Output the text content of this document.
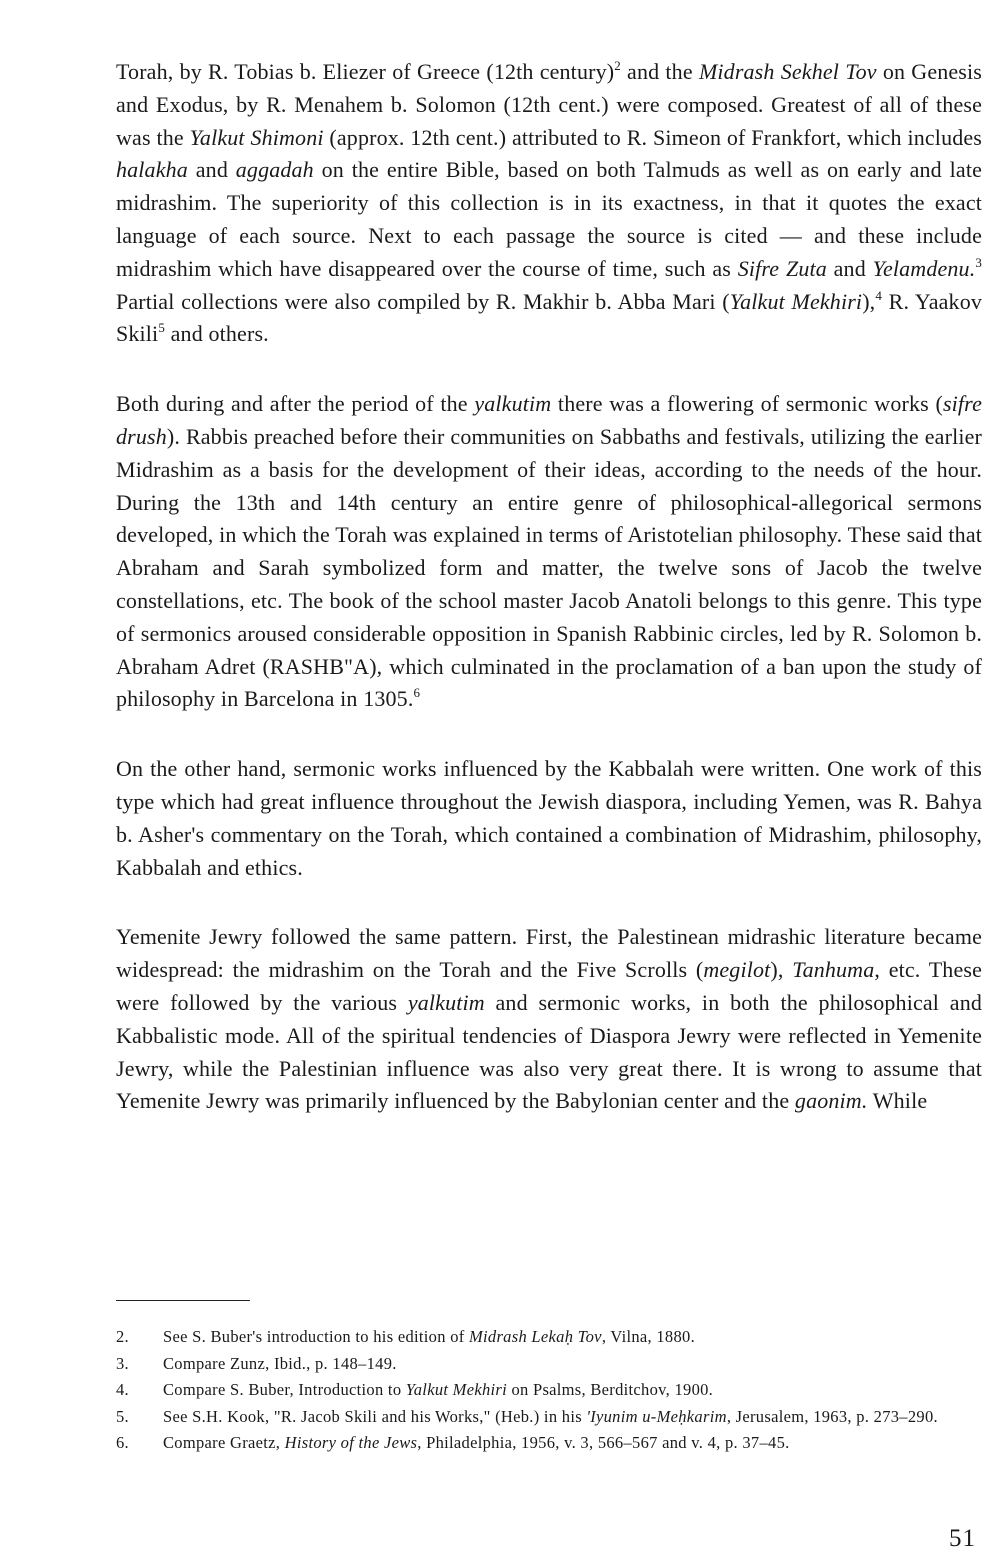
Torah, by R. Tobias b. Eliezer of Greece (12th century)$^2$ and the Midrash Sekhel Tov on Genesis and Exodus, by R. Menahem b. Solomon (12th cent.) were composed. Greatest of all of these was the Yalkut Shimoni (approx. 12th cent.) attributed to R. Simeon of Frankfort, which includes halakha and aggadah on the entire Bible, based on both Talmuds as well as on early and late midrashim. The superiority of this collection is in its exactness, in that it quotes the exact language of each source. Next to each passage the source is cited — and these include midrashim which have disappeared over the course of time, such as Sifre Zuta and Yelamdenu.$^3$ Partial collections were also compiled by R. Makhir b. Abba Mari (Yalkut Mekhiri),$^4$ R. Yaakov Skili$^5$ and others.

Both during and after the period of the yalkutim there was a flowering of sermonic works (sifre drush). Rabbis preached before their communities on Sabbaths and festivals, utilizing the earlier Midrashim as a basis for the development of their ideas, according to the needs of the hour. During the 13th and 14th century an entire genre of philosophical-allegorical sermons developed, in which the Torah was explained in terms of Aristotelian philosophy. These said that Abraham and Sarah symbolized form and matter, the twelve sons of Jacob the twelve constellations, etc. The book of the school master Jacob Anatoli belongs to this genre. This type of sermonics aroused considerable opposition in Spanish Rabbinic circles, led by R. Solomon b. Abraham Adret (RASHB"A), which culminated in the proclamation of a ban upon the study of philosophy in Barcelona in 1305.$^6$

On the other hand, sermonic works influenced by the Kabbalah were written. One work of this type which had great influence throughout the Jewish diaspora, including Yemen, was R. Bahya b. Asher's commentary on the Torah, which contained a combination of Midrashim, philosophy, Kabbalah and ethics.

Yemenite Jewry followed the same pattern. First, the Palestinean midrashic literature became widespread: the midrashim on the Torah and the Five Scrolls (megilot), Tanhuma, etc. These were followed by the various yalkutim and sermonic works, in both the philosophical and Kabbalistic mode. All of the spiritual tendencies of Diaspora Jewry were reflected in Yemenite Jewry, while the Palestinian influence was also very great there. It is wrong to assume that Yemenite Jewry was primarily influenced by the Babylonian center and the gaonim. While

2. See S. Buber's introduction to his edition of Midrash Lekaḥ Tov, Vilna, 1880.

3. Compare Zunz, Ibid., p. 148–149.

4. Compare S. Buber, Introduction to Yalkut Mekhiri on Psalms, Berditchov, 1900.

5. See S.H. Kook, "R. Jacob Skili and his Works," (Heb.) in his 'Iyunim u-Meḥkarim, Jerusalem, 1963, p. 273–290.

6. Compare Graetz, History of the Jews, Philadelphia, 1956, v. 3, 566–567 and v. 4, p. 37–45.

51
